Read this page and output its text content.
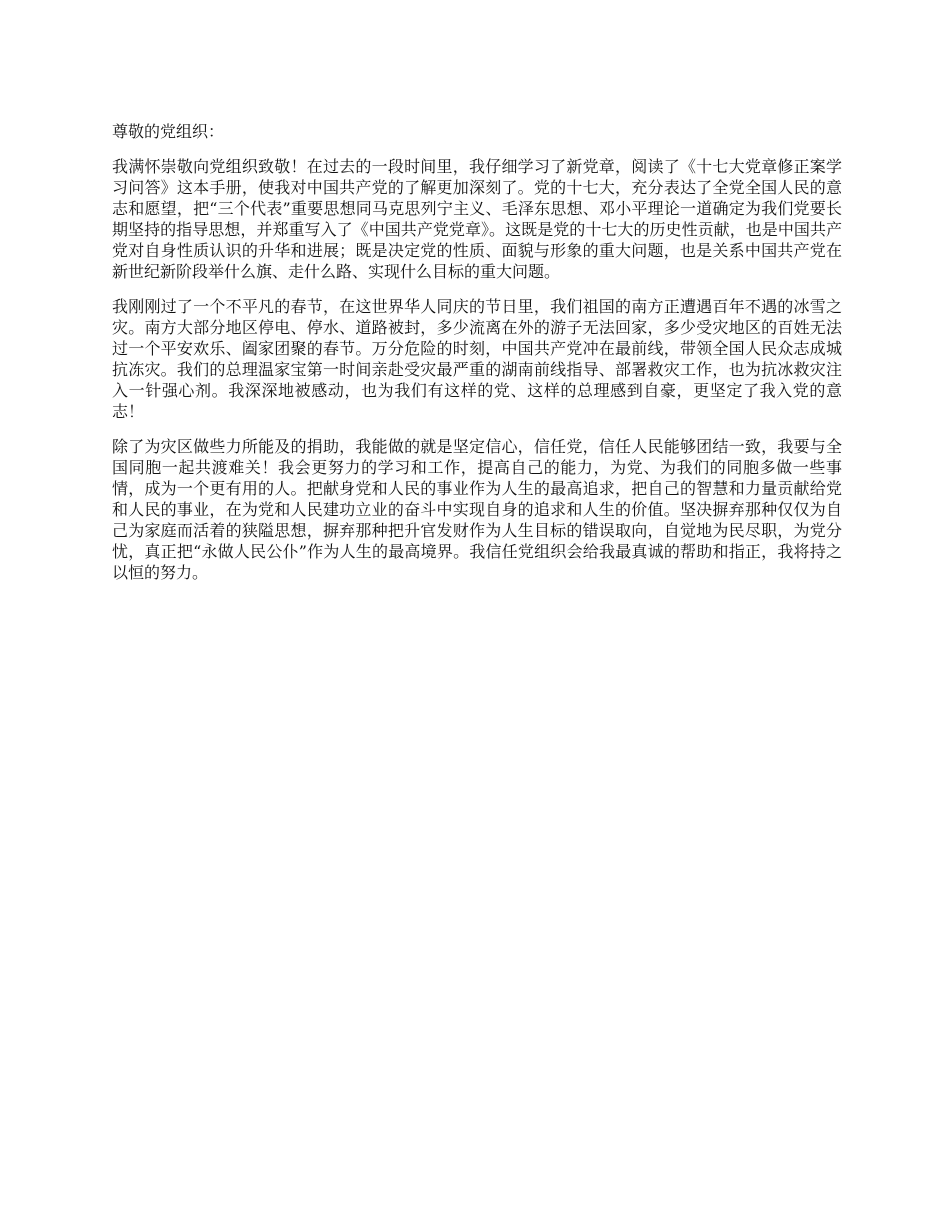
尊敬的党组织：

我满怀崇敬向党组织致敬！在过去的一段时间里，我仔细学习了新党章，阅读了《十七大党章修正案学习问答》这本手册，使我对中国共产党的了解更加深刻了。党的十七大，充分表达了全党全国人民的意志和愿望，把“三个代表”重要思想同马克思列宁主义、毛泽东思想、邓小平理论一道确定为我们党要长期坚持的指导思想，并郑重写入了《中国共产党党章》。这既是党的十七大的历史性贡献，也是中国共产党对自身性质认识的升华和进展；既是决定党的性质、面貌与形象的重大问题，也是关系中国共产党在新世纪新阶段举什么旗、走什么路、实现什么目标的重大问题。

我刚刚过了一个不平凡的春节，在这世界华人同庆的节日里，我们祖国的南方正遭遇百年不遇的冰雪之灾。南方大部分地区停电、停水、道路被封，多少流离在外的游子无法回家，多少受灾地区的百姓无法过一个平安欢乐、阖家团聚的春节。万分危险的时刻，中国共产党冲在最前线，带领全国人民众志成城抗冻灾。我们的总理温家宝第一时间亲赴受灾最严重的湖南前线指导、部署救灾工作，也为抗冰救灾注入一针强心剂。我深深地被感动，也为我们有这样的党、这样的总理感到自豪，更坚定了我入党的意志！

除了为灾区做些力所能及的捐助，我能做的就是坚定信心，信任党，信任人民能够团结一致，我要与全国同胞一起共渡难关！我会更努力的学习和工作，提高自己的能力，为党、为我们的同胞多做一些事情，成为一个更有用的人。把献身党和人民的事业作为人生的最高追求，把自己的智慧和力量贡献给党和人民的事业，在为党和人民建功立业的奋斗中实现自身的追求和人生的价值。坚决摒弃那种仅仅为自己为家庭而活着的狭隘思想，摒弃那种把升官发财作为人生目标的错误取向，自觉地为民尽职，为党分忧，真正把“永做人民公仆”作为人生的最高境界。我信任党组织会给我最真诚的帮助和指正，我将持之以恒的努力。
